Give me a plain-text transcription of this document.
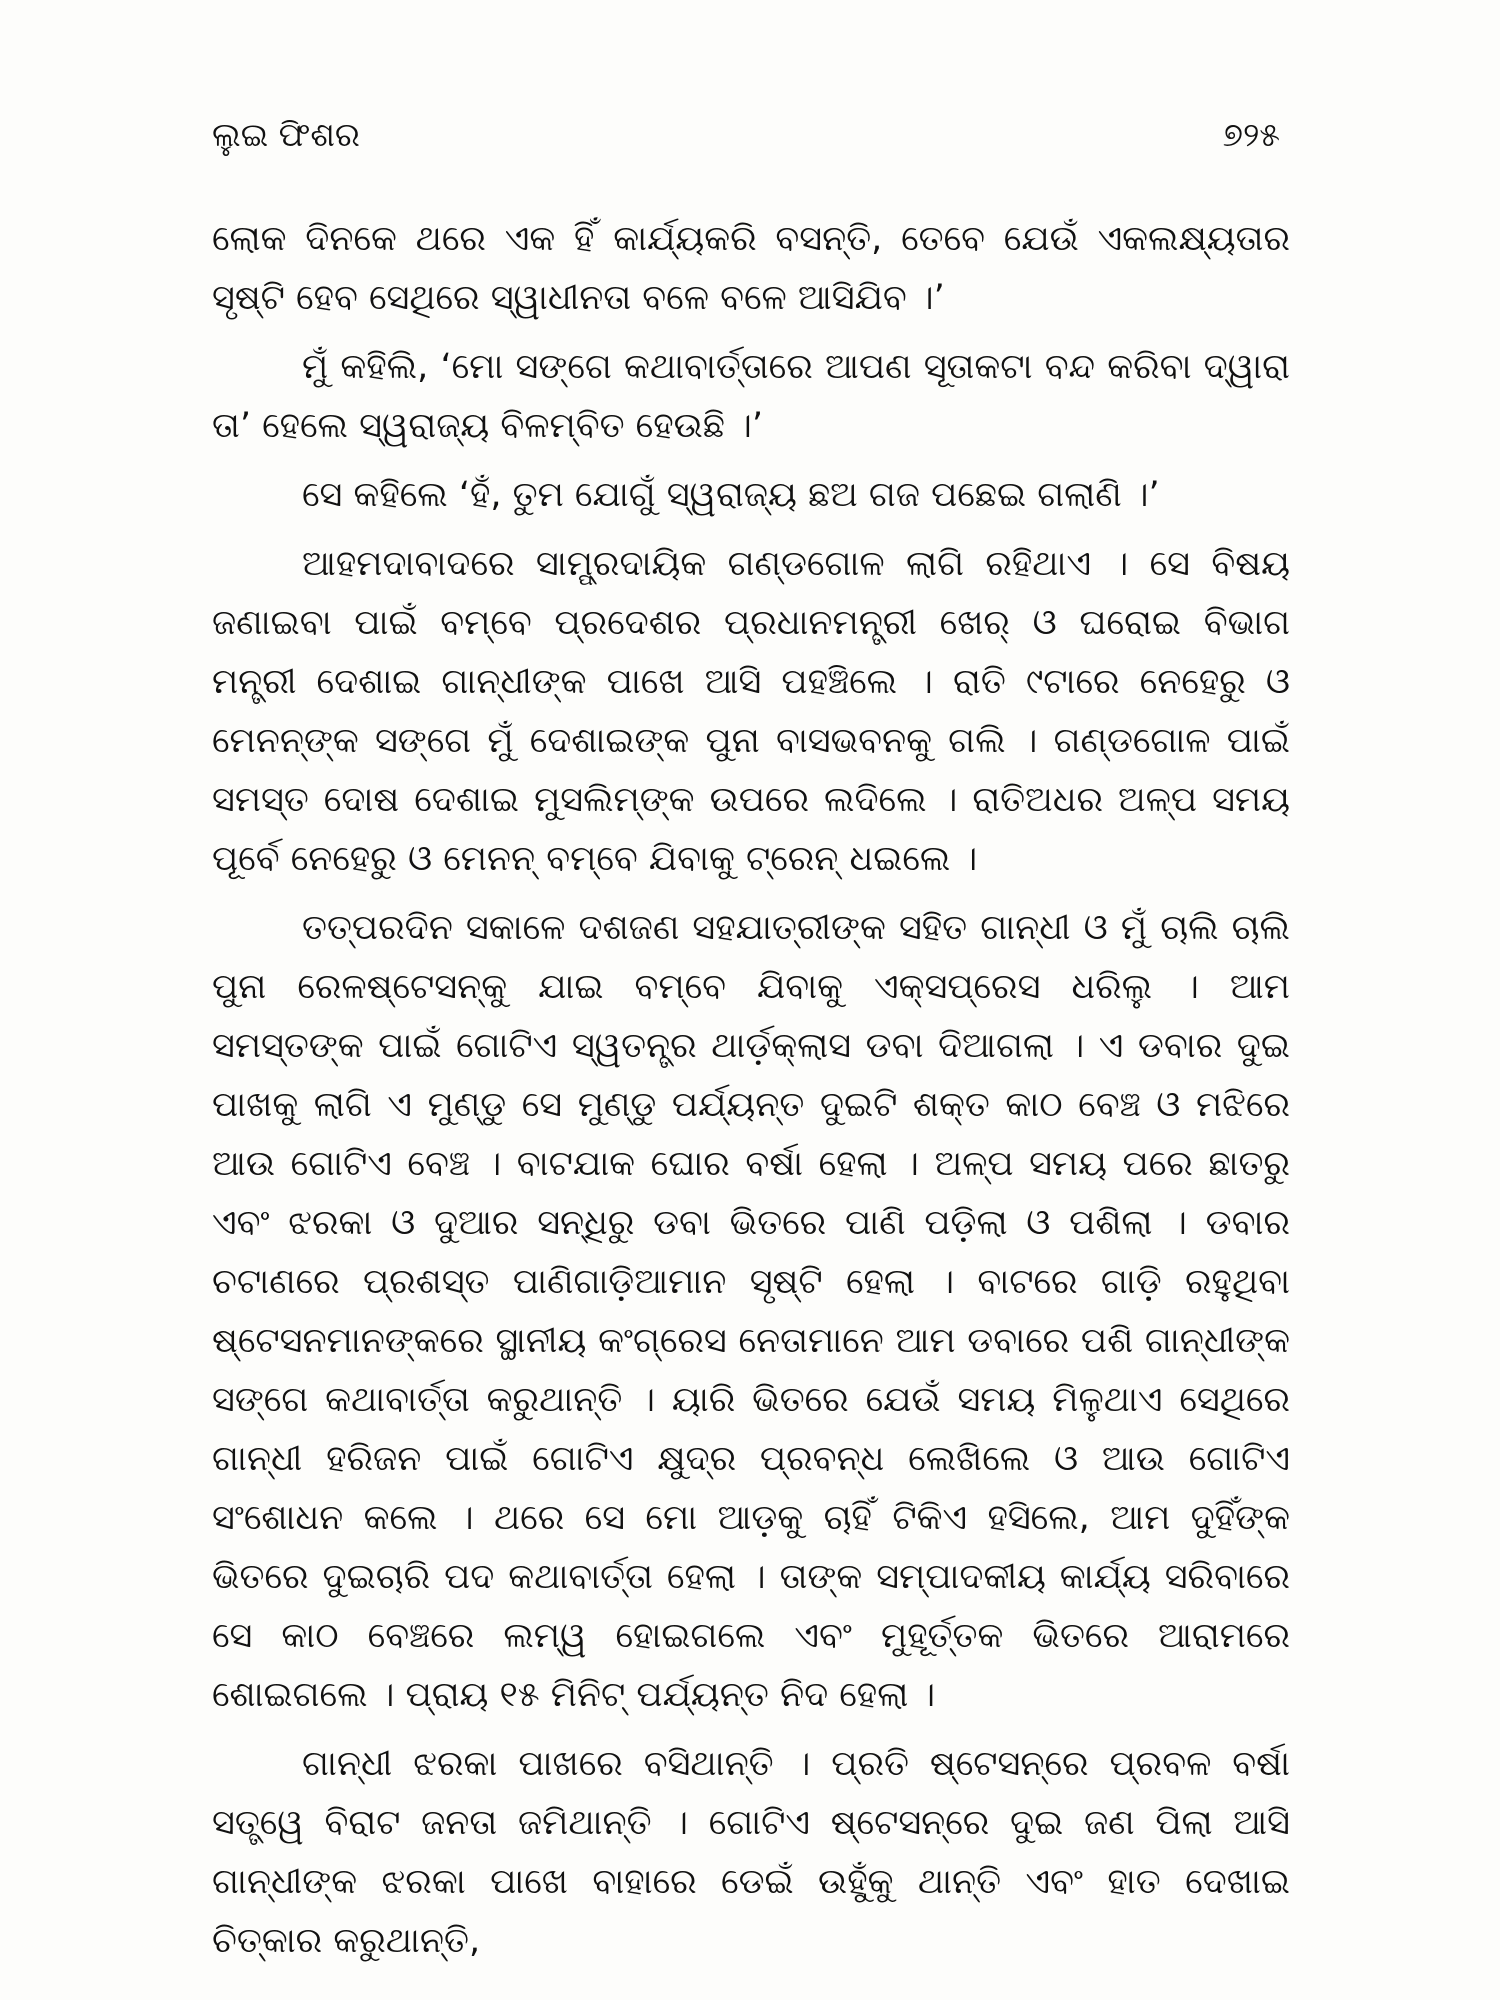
ଲୁଇ ଫିଶର	୭୨୫

ଲୋକ ଦିନକେ ଥରେ ଏକ ହିଁ କାର୍ଯ୍ୟକରି ବସନ୍ତି, ତେବେ ଯେଉଁ ଏକଲକ୍ଷ୍ୟତାର ସୃଷ୍ଟି ହେବ ସେଥିରେ ସ୍ୱାଧୀନତା ବଳେ ବଳେ ଆସିଯିବ ।’

ମୁଁ କହିଲି, ‘ମୋ ସଙ୍ଗେ କଥାବାର୍ତ୍ତାରେ ଆପଣ ସୂତାକଟା ବନ୍ଦ କରିବା ଦ୍ୱାରା ତା’ ହେଲେ ସ୍ୱରାଜ୍ୟ ବିଳମ୍ବିତ ହେଉଛି ।’

ସେ କହିଲେ ‘ହଁ, ତୁମ ଯୋଗୁଁ ସ୍ୱରାଜ୍ୟ ଛଅ ଗଜ ପଛେଇ ଗଲାଣି ।’

ଆହମଦାବାଦରେ ସାମ୍ପ୍ରଦାୟିକ ଗଣ୍ଡଗୋଳ ଲାଗି ରହିଥାଏ । ସେ ବିଷୟ ଜଣାଇବା ପାଇଁ ବମ୍ବେ ପ୍ରଦେଶର ପ୍ରଧାନମନ୍ତ୍ରୀ ଖେର୍ ଓ ଘରୋଇ ବିଭାଗ ମନ୍ତ୍ରୀ ଦେଶାଇ ଗାନ୍ଧୀଙ୍କ ପାଖେ ଆସି ପହଞ୍ଚିଲେ । ରାତି ୯ଟାରେ ନେହେରୁ ଓ ମେନନ୍‌ଙ୍କ ସଙ୍ଗେ ମୁଁ ଦେଶାଇଙ୍କ ପୁନା ବାସଭବନକୁ ଗଲି । ଗଣ୍ଡଗୋଳ ପାଇଁ ସମସ୍ତ ଦୋଷ ଦେଶାଇ ମୁସଲିମ୍‌ଙ୍କ ଉପରେ ଲଦିଲେ । ରାତିଅଧର ଅଳ୍ପ ସମୟ ପୂର୍ବେ ନେହେରୁ ଓ ମେନନ୍ ବମ୍ବେ ଯିବାକୁ ଟ୍ରେନ୍ ଧଇଲେ ।

ତତ୍ପରଦିନ ସକାଳେ ଦଶଜଣ ସହଯାତ୍ରୀଙ୍କ ସହିତ ଗାନ୍ଧୀ ଓ ମୁଁ ଚାଲି ଚାଲି ପୁନା ରେଳଷ୍ଟେସନ୍‌କୁ ଯାଇ ବମ୍ବେ ଯିବାକୁ ଏକ୍ସପ୍ରେସ ଧରିଲୁ । ଆମ ସମସ୍ତଙ୍କ ପାଇଁ ଗୋଟିଏ ସ୍ୱତନ୍ତ୍ର ଥାର୍ଡ଼କ୍ଲାସ ଡବା ଦିଆଗଲା । ଏ ଡବାର ଦୁଇ ପାଖକୁ ଲାଗି ଏ ମୁଣ୍ଡୁ ସେ ମୁଣ୍ଡୁ ପର୍ଯ୍ୟନ୍ତ ଦୁଇଟି ଶକ୍ତ କାଠ ବେଞ୍ଚ ଓ ମଝିରେ ଆଉ ଗୋଟିଏ ବେଞ୍ଚ । ବାଟଯାକ ଘୋର ବର୍ଷା ହେଲା । ଅଳ୍ପ ସମୟ ପରେ ଛାତରୁ ଏବଂ ଝରକା ଓ ଦୁଆର ସନ୍ଧିରୁ ଡବା ଭିତରେ ପାଣି ପଡ଼ିଲା ଓ ପଶିଲା । ଡବାର ଚଟାଣରେ ପ୍ରଶସ୍ତ ପାଣିଗାଡ଼ିଆମାନ ସୃଷ୍ଟି ହେଲା । ବାଟରେ ଗାଡ଼ି ରହୁଥିବା ଷ୍ଟେସନମାନଙ୍କରେ ସ୍ଥାନୀୟ କଂଗ୍ରେସ ନେତାମାନେ ଆମ ଡବାରେ ପଶି ଗାନ୍ଧୀଙ୍କ ସଙ୍ଗେ କଥାବାର୍ତ୍ତା କରୁଥାନ୍ତି । ୟାରି ଭିତରେ ଯେଉଁ ସମୟ ମିଳୁଥାଏ ସେଥିରେ ଗାନ୍ଧୀ ହରିଜନ ପାଇଁ ଗୋଟିଏ କ୍ଷୁଦ୍ର ପ୍ରବନ୍ଧ ଲେଖିଲେ ଓ ଆଉ ଗୋଟିଏ ସଂଶୋଧନ କଲେ । ଥରେ ସେ ମୋ ଆଡ଼କୁ ଚାହିଁ ଟିକିଏ ହସିଲେ, ଆମ ଦୁହିଁଙ୍କ ଭିତରେ ଦୁଇଚାରି ପଦ କଥାବାର୍ତ୍ତା ହେଲା । ତାଙ୍କ ସମ୍ପାଦକୀୟ କାର୍ଯ୍ୟ ସରିବାରେ ସେ କାଠ ବେଞ୍ଚରେ ଲମ୍ୱ ହୋଇଗଲେ ଏବଂ ମୁହୂର୍ତ୍ତକ ଭିତରେ ଆରାମରେ ଶୋଇଗଲେ । ପ୍ରାୟ ୧୫ ମିନିଟ୍ ପର୍ଯ୍ୟନ୍ତ ନିଦ ହେଲା ।

ଗାନ୍ଧୀ ଝରକା ପାଖରେ ବସିଥାନ୍ତି । ପ୍ରତି ଷ୍ଟେସନ୍‌ରେ ପ୍ରବଳ ବର୍ଷା ସତ୍ତ୍ୱେ ବିରାଟ ଜନତା ଜମିଥାନ୍ତି । ଗୋଟିଏ ଷ୍ଟେସନ୍‌ରେ ଦୁଇ ଜଣ ପିଲା ଆସି ଗାନ୍ଧୀଙ୍କ ଝରକା ପାଖେ ବାହାରେ ଡେଇଁ ଉହୁଁକୁ ଥାନ୍ତି ଏବଂ ହାତ ଦେଖାଇ ଚିତ୍କାର କରୁଥାନ୍ତି,
